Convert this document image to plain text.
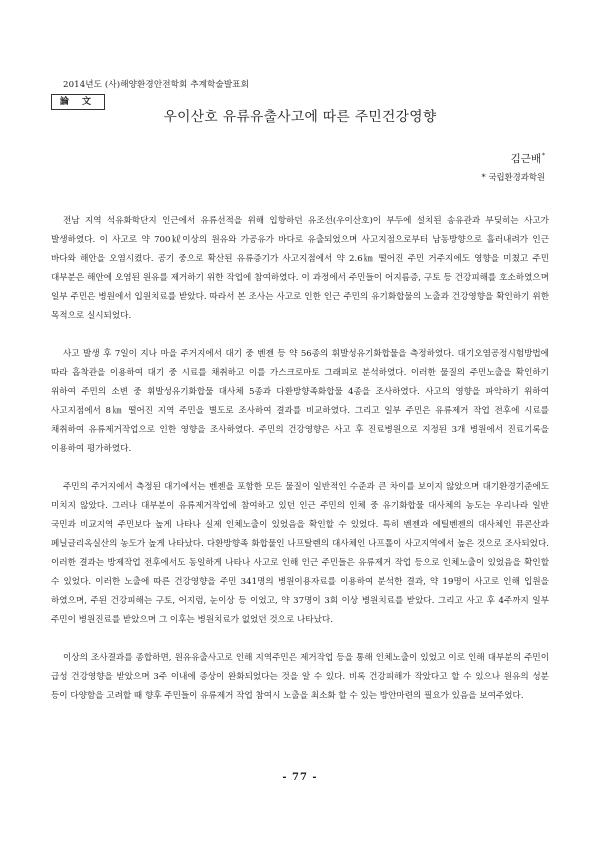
2014년도 (사)해양환경안전학회 추계학술발표회
論 文
우이산호 유류유출사고에 따른 주민건강영향
김근배*
* 국립환경과학원

전남 지역 석유화학단지 인근에서 유류선적을 위해 입항하던 유조선(우이산호)이 부두에 설치된 송유관과 부딪히는 사고가 발생하였다. 이 사고로 약 700㎘이상의 원유와 가공유가 바다로 유출되었으며 사고지점으로부터 남동방향으로 흘러내려가 인근 바다와 해안을 오염시켰다. 공기 중으로 확산된 유류증기가 사고지점에서 약 2.6㎞ 떨어진 주민 거주지에도 영향을 미쳤고 주민 대부분은 해안에 오염된 원유를 제거하기 위한 작업에 참여하였다. 이 과정에서 주민들이 어지름증, 구토 등 건강피해를 호소하였으며 일부 주민은 병원에서 입원치료를 받았다. 따라서 본 조사는 사고로 인한 인근 주민의 유기화합물의 노출과 건강영향을 확인하기 위한 목적으로 실시되었다.

사고 발생 후 7일이 지나 마을 주거지에서 대기 중 벤젠 등 약 56종의 휘발성유기화합물을 측정하였다. 대기오염공정시험방법에 따라 흡착관을 이용하여 대기 중 시료를 채취하고 이를 가스크로마토 그래피로 분석하였다. 이러한 물질의 주민노출을 확인하기 위하여 주민의 소변 중 휘발성유기화합물 대사체 5종과 다환방향족화합물 4종을 조사하였다. 사고의 영향을 파악하기 위하여 사고지점에서 8㎞ 떨어진 지역 주민을 별도로 조사하여 결과를 비교하였다. 그리고 일부 주민은 유류제거 작업 전후에 시료를 채취하여 유류제거작업으로 인한 영향을 조사하였다. 주민의 건강영향은 사고 후 진료병원으로 지정된 3개 병원에서 진료기록을 이용하여 평가하였다.

주민의 주거지에서 측정된 대기에서는 벤젠을 포함한 모든 물질이 일반적인 수준과 큰 차이를 보이지 않았으며 대기환경기준에도 미치지 않았다. 그러나 대부분이 유류제거작업에 참여하고 있던 인근 주민의 인체 중 유기화합물 대사체의 농도는 우리나라 일반 국민과 비교지역 주민보다 높게 나타나 실제 인체노출이 있었음을 확인할 수 있었다. 특히 벤젠과 에틸벤젠의 대사체인 뮤콘산과 페닐글리옥실산의 농도가 높게 나타났다. 다환방향족 화합물인 나프탈렌의 대사체인 나프톨이 사고지역에서 높은 것으로 조사되었다. 이러한 결과는 방제작업 전후에서도 동일하게 나타나 사고로 인해 인근 주민들은 유류제거 작업 등으로 인체노출이 있었음을 확인할 수 있었다. 이러한 노출에 따른 건강영향을 주민 341명의 병원이용자료를 이용하여 분석한 결과, 약 19명이 사고로 인해 입원을 하였으며, 주된 건강피해는 구토, 어지럼, 눈이상 등 이었고, 약 37명이 3회 이상 병원치료를 받았다. 그리고 사고 후 4주까지 일부 주민이 병원진료를 받았으며 그 이후는 병원치료가 없었던 것으로 나타났다.

이상의 조사결과를 종합하면, 원유유출사고로 인해 지역주민은 제거작업 등을 통해 인체노출이 있었고 이로 인해 대부분의 주민이 급성 건강영향을 받았으며 3주 이내에 증상이 완화되었다는 것을 알 수 있다. 비록 건강피해가 작았다고 할 수 있으나 원유의 성분 등이 다양함을 고려할 때 향후 주민들이 유류제거 작업 참여시 노출을 최소화 할 수 있는 방안마련의 필요가 있음을 보여주었다.

- 77 -
